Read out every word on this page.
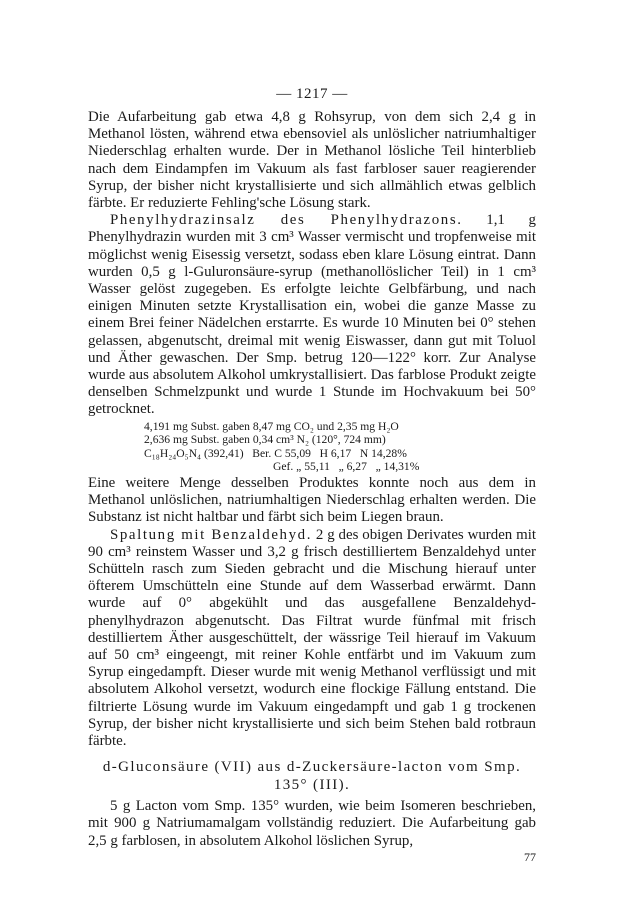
— 1217 —

Die Aufarbeitung gab etwa 4,8 g Rohsyrup, von dem sich 2,4 g in Methanol lösten, während etwa ebensoviel als unlöslicher natriumhaltiger Niederschlag erhalten wurde. Der in Methanol lösliche Teil hinterblieb nach dem Eindampfen im Vakuum als fast farbloser sauer reagierender Syrup, der bisher nicht krystallisierte und sich allmählich etwas gelblich färbte. Er reduzierte Fehling'sche Lösung stark.

Phenylhydrazinsalz des Phenylhydrazons. 1,1 g Phenylhydrazin wurden mit 3 cm³ Wasser vermischt und tropfenweise mit möglichst wenig Eisessig versetzt, sodass eben klare Lösung eintrat. Dann wurden 0,5 g l-Guluronsäure-syrup (methanollöslicher Teil) in 1 cm³ Wasser gelöst zugegeben. Es erfolgte leichte Gelbfärbung, und nach einigen Minuten setzte Krystallisation ein, wobei die ganze Masse zu einem Brei feiner Nädelchen erstarrte. Es wurde 10 Minuten bei 0° stehen gelassen, abgenutscht, dreimal mit wenig Eiswasser, dann gut mit Toluol und Äther gewaschen. Der Smp. betrug 120—122° korr. Zur Analyse wurde aus absolutem Alkohol umkrystallisiert. Das farblose Produkt zeigte denselben Schmelzpunkt und wurde 1 Stunde im Hochvakuum bei 50° getrocknet.

4,191 mg Subst. gaben 8,47 mg CO₂ und 2,35 mg H₂O
2,636 mg Subst. gaben 0,34 cm³ N₂ (120°, 724 mm)
C₁₈H₂₄O₅N₄ (392,41)   Ber. C 55,09   H 6,17   N 14,28%
Gef. „ 55,11   „ 6,27   „ 14,31%

Eine weitere Menge desselben Produktes konnte noch aus dem in Methanol unlöslichen, natriumhaltigen Niederschlag erhalten werden. Die Substanz ist nicht haltbar und färbt sich beim Liegen braun.

Spaltung mit Benzaldehyd. 2 g des obigen Derivates wurden mit 90 cm³ reinstem Wasser und 3,2 g frisch destilliertem Benzaldehyd unter Schütteln rasch zum Sieden gebracht und die Mischung hierauf unter öfterem Umschütteln eine Stunde auf dem Wasserbad erwärmt. Dann wurde auf 0° abgekühlt und das ausgefallene Benzaldehyd-phenylhydrazon abgenutscht. Das Filtrat wurde fünfmal mit frisch destilliertem Äther ausgeschüttelt, der wässrige Teil hierauf im Vakuum auf 50 cm³ eingeengt, mit reiner Kohle entfärbt und im Vakuum zum Syrup eingedampft. Dieser wurde mit wenig Methanol verflüssigt und mit absolutem Alkohol versetzt, wodurch eine flockige Fällung entstand. Die filtrierte Lösung wurde im Vakuum eingedampft und gab 1 g trockenen Syrup, der bisher nicht krystallisierte und sich beim Stehen bald rotbraun färbte.

d-Gluconsäure (VII) aus d-Zuckersäure-lacton vom Smp. 135° (III).

5 g Lacton vom Smp. 135° wurden, wie beim Isomeren beschrieben, mit 900 g Natriumamalgam vollständig reduziert. Die Aufarbeitung gab 2,5 g farblosen, in absolutem Alkohol löslichen Syrup,

77
